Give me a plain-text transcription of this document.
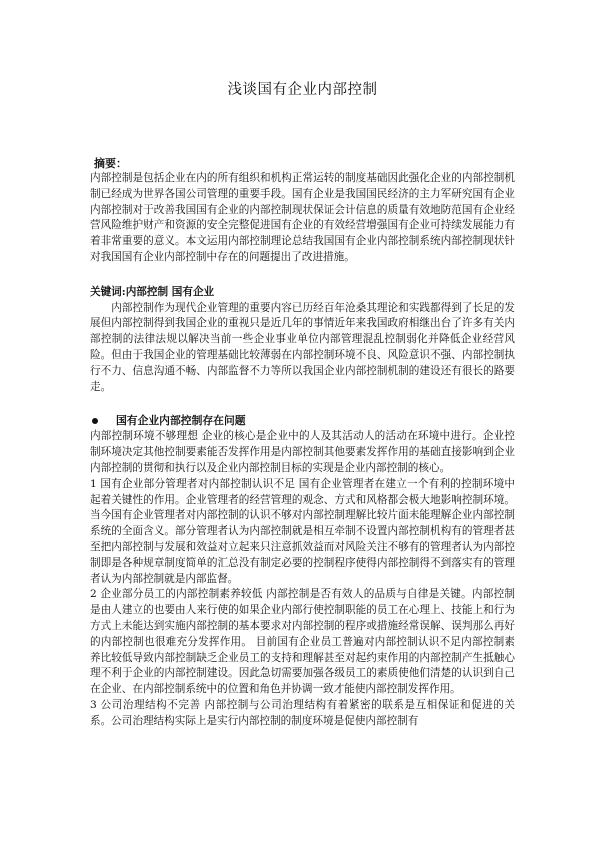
浅谈国有企业内部控制
摘要：

内部控制是包括企业在内的所有组织和机构正常运转的制度基础因此强化企业的内部控制机制已经成为世界各国公司管理的重要手段。国有企业是我国国民经济的主力军研究国有企业内部控制对于改善我国国有企业的内部控制现状保证会计信息的质量有效地防范国有企业经营风险维护财产和资源的安全完整促进国有企业的有效经营增强国有企业可持续发展能力有着非常重要的意义。本文运用内部控制理论总结我国国有企业内部控制系统内部控制现状针对我国国有企业内部控制中存在的问题提出了改进措施。

关键词:内部控制 国有企业

内部控制作为现代企业管理的重要内容已历经百年沧桑其理论和实践都得到了长足的发展但内部控制得到我国企业的重视只是近几年的事情近年来我国政府相继出台了许多有关内部控制的法律法规以解决当前一些企业事业单位内部管理混乱控制弱化并降低企业经营风险。但由于我国企业的管理基础比较薄弱在内部控制环境不良、风险意识不强、内部控制执行不力、信息沟通不畅、内部监督不力等所以我国企业内部控制机制的建设还有很长的路要走。

国有企业内部控制存在问题

内部控制环境不够理想 企业的核心是企业中的人及其活动人的活动在环境中进行。企业控制环境决定其他控制要素能否发挥作用是内部控制其他要素发挥作用的基础直接影响到企业内部控制的贯彻和执行以及企业内部控制目标的实现是企业内部控制的核心。

1 国有企业部分管理者对内部控制认识不足 国有企业管理者在建立一个有利的控制环境中起着关键性的作用。企业管理者的经营管理的观念、方式和风格都会极大地影响控制环境。当今国有企业管理者对内部控制的认识不够对内部控制理解比较片面未能理解企业内部控制系统的全面含义。部分管理者认为内部控制就是相互牵制不设置内部控制机构有的管理者甚至把内部控制与发展和效益对立起来只注意抓效益而对风险关注不够有的管理者认为内部控制即是各种规章制度简单的汇总没有制定必要的控制程序使得内部控制得不到落实有的管理者认为内部控制就是内部监督。

2 企业部分员工的内部控制素养较低 内部控制是否有效人的品质与自律是关键。内部控制是由人建立的也要由人来行使的如果企业内部行使控制职能的员工在心理上、技能上和行为方式上未能达到实施内部控制的基本要求对内部控制的程序或措施经常误解、误判那么再好的内部控制也很难充分发挥作用。 目前国有企业员工普遍对内部控制认识不足内部控制素养比较低导致内部控制缺乏企业员工的支持和理解甚至对起约束作用的内部控制产生抵触心理不利于企业的内部控制建设。因此急切需要加强各级员工的素质使他们清楚的认识到自己在企业、在内部控制系统中的位置和角色并协调一致才能使内部控制发挥作用。

3 公司治理结构不完善 内部控制与公司治理结构有着紧密的联系是互相保证和促进的关系。公司治理结构实际上是实行内部控制的制度环境是促使内部控制有
